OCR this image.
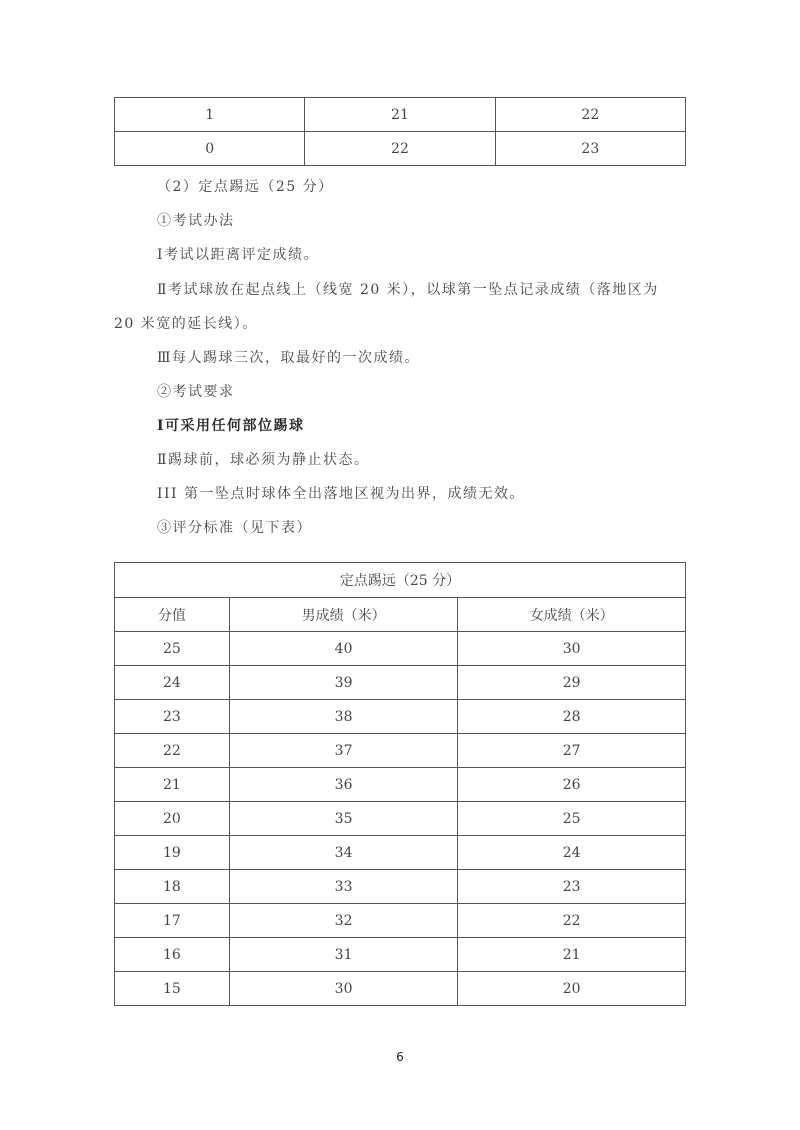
1	21	22
0	22	23
（2）定点踢远（25 分）
①考试办法
Ⅰ考试以距离评定成绩。
Ⅱ考试球放在起点线上（线宽 20 米），以球第一坠点记录成绩（落地区为
20 米宽的延长线）。
Ⅲ每人踢球三次，取最好的一次成绩。
②考试要求
Ⅰ可采用任何部位踢球
Ⅱ踢球前，球必须为静止状态。
III 第一坠点时球体全出落地区视为出界，成绩无效。
③评分标准（见下表）
定点踢远（25 分）		
分值	男成绩（米）	女成绩（米）
25	40	30
24	39	29
23	38	28
22	37	27
21	36	26
20	35	25
19	34	24
18	33	23
17	32	22
16	31	21
15	30	20
6
